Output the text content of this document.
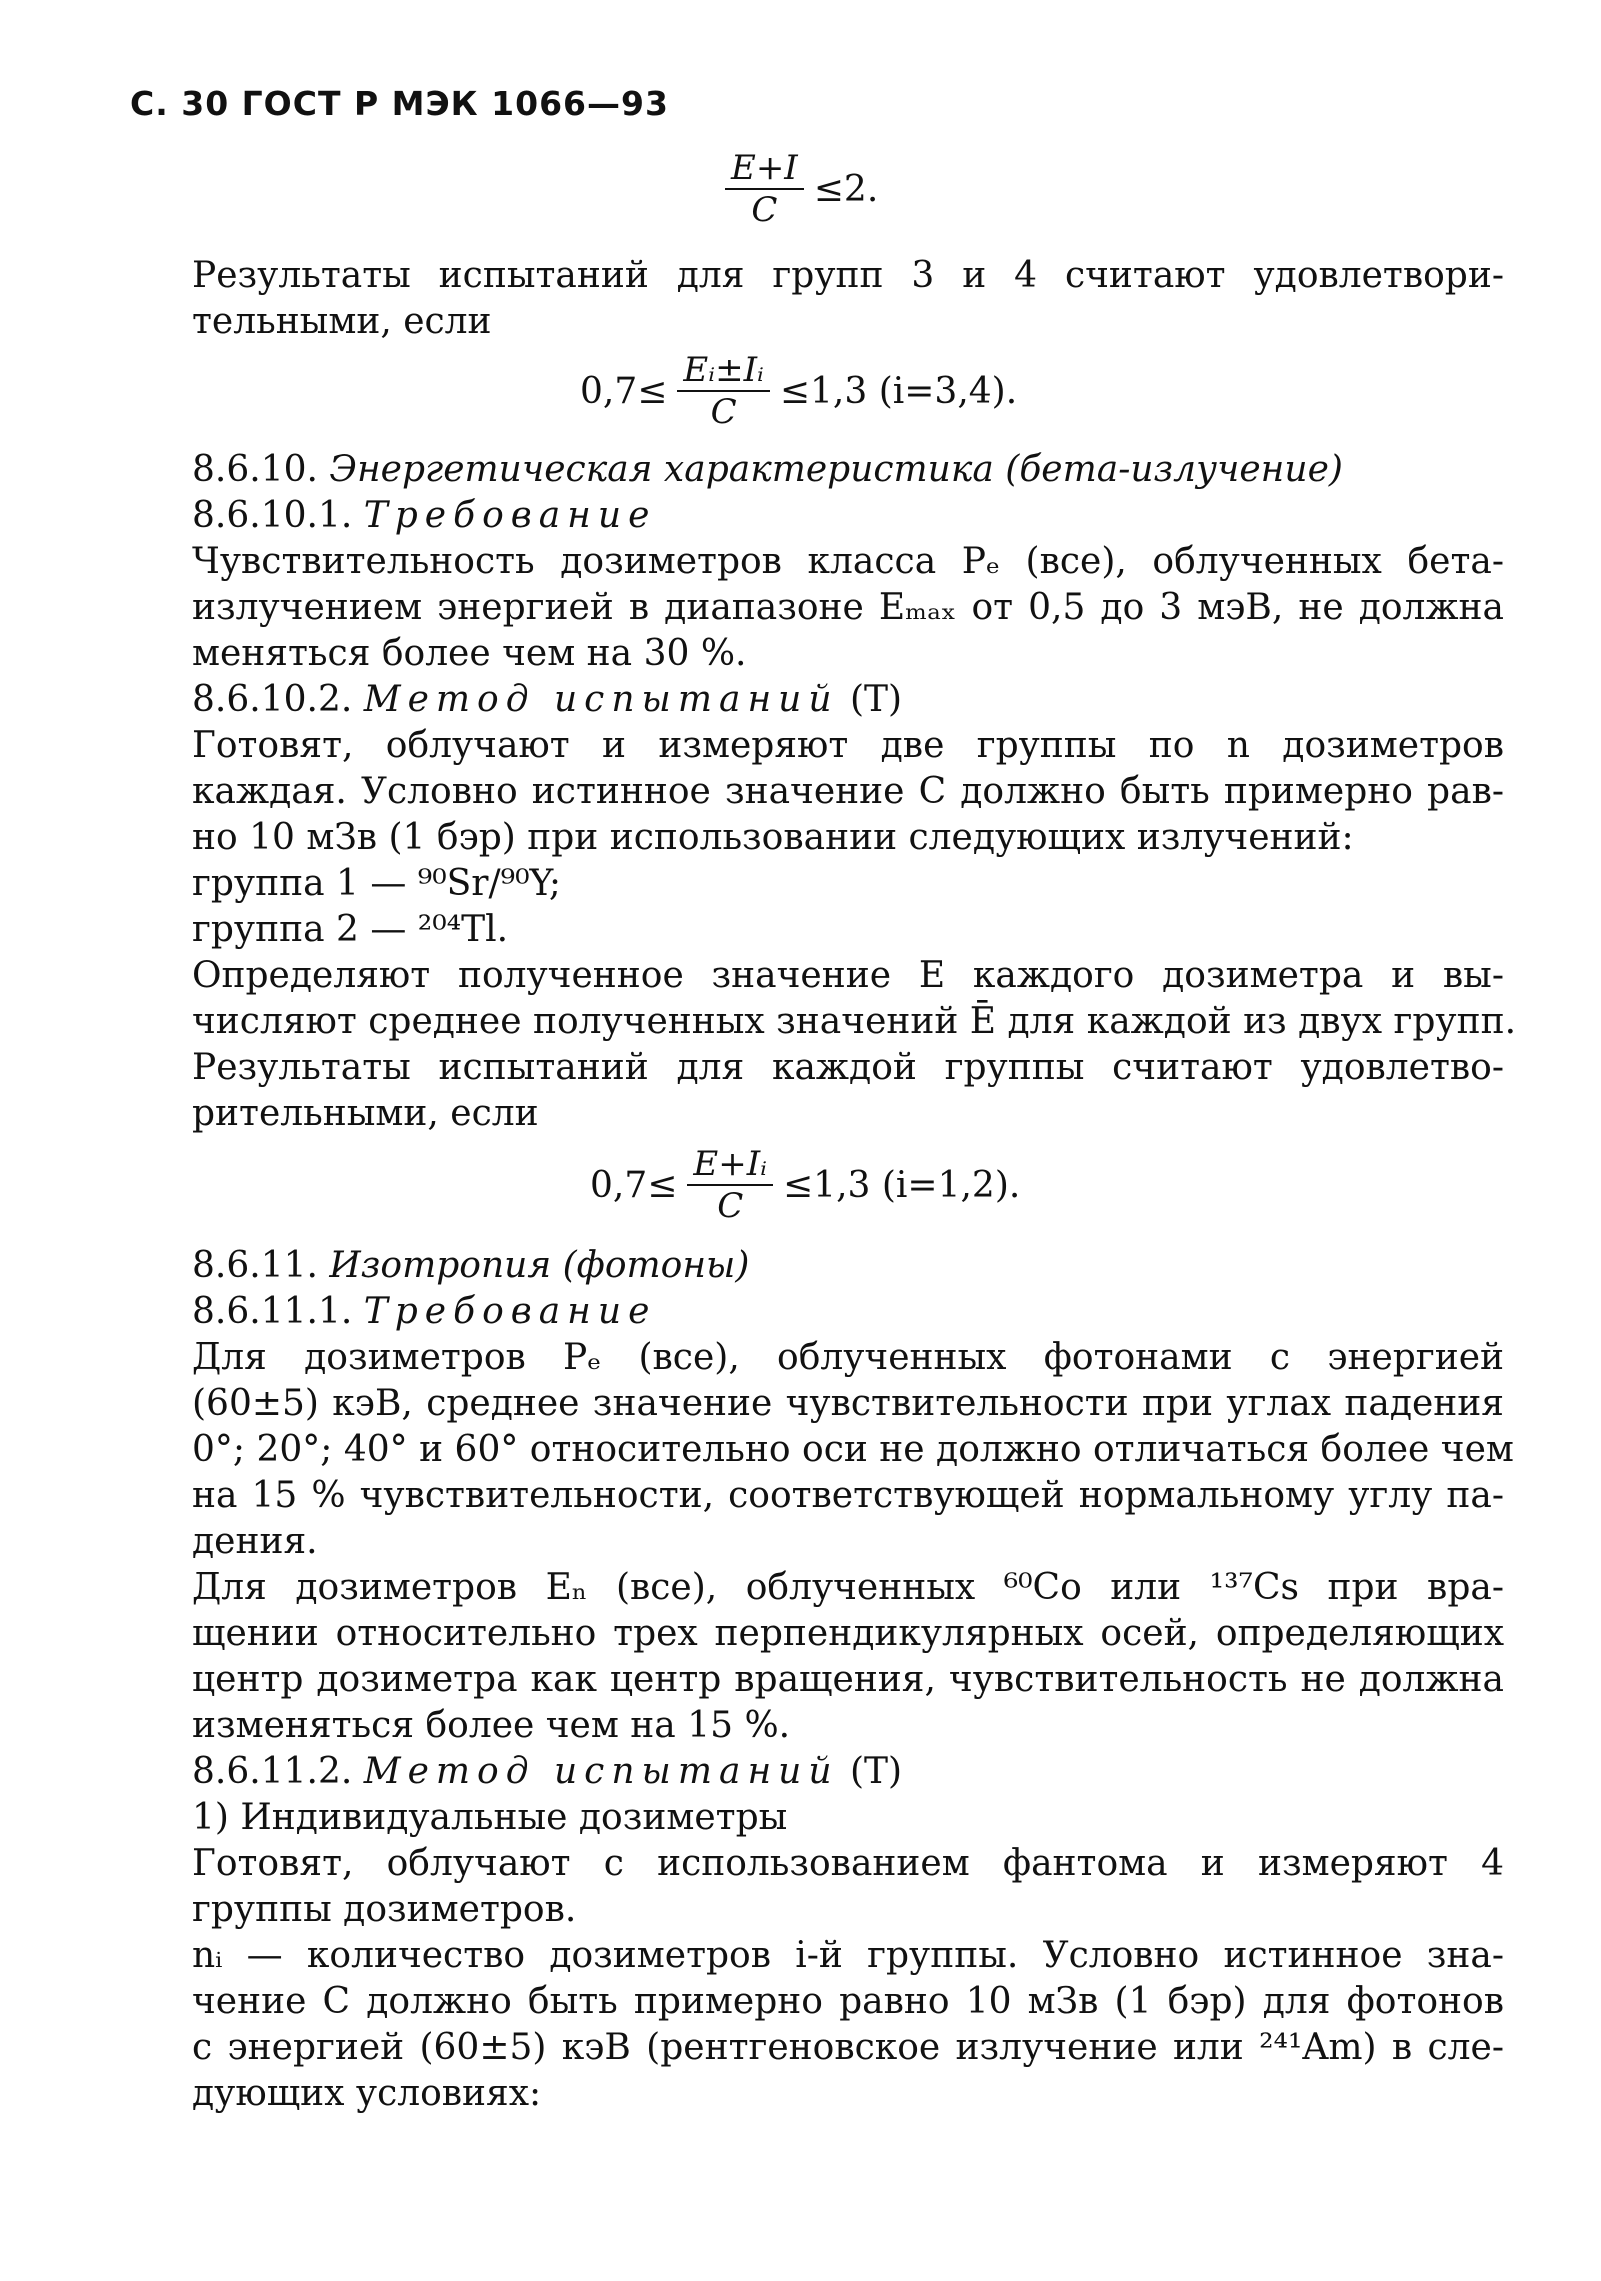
С. 30 ГОСТ Р МЭК 1066—93
$\frac{E+I}{C} \le 2$.
Результаты испытаний для групп 3 и 4 считают удовлетвори-
тельными, если
$0,7\le \frac{\text{Eᵢ±Iᵢ}}{C} \le 1,3$ (i=3,4).
8.6.10. Энергетическая характеристика (бета-излучение)
8.6.10.1. Требование
Чувствительность дозиметров класса Pₑ (все), облученных бета-
излучением энергией в диапазоне Eₘₐₓ от 0,5 до 3 мэВ, не должна
меняться более чем на 30 %.
8.6.10.2. Метод испытаний (Т)
Готовят, облучают и измеряют две группы по n дозиметров
каждая. Условно истинное значение C должно быть примерно рав-
но 10 мЗв (1 бэр) при использовании следующих излучений:
группа 1 — ⁹⁰Sr/⁹⁰Y;
группа 2 — ²⁰⁴Tl.
Определяют полученное значение E каждого дозиметра и вы-
числяют среднее полученных значений Ē для каждой из двух групп.
Результаты испытаний для каждой группы считают удовлетво-
рительными, если
$0,7\le \frac{\text{E+Iᵢ}}{C} \le 1,3$ (i=1,2).
8.6.11. Изотропия (фотоны)
8.6.11.1. Требование
Для дозиметров Pₑ (все), облученных фотонами с энергией
(60±5) кэВ, среднее значение чувствительности при углах падения
0°; 20°; 40° и 60° относительно оси не должно отличаться более чем
на 15 % чувствительности, соответствующей нормальному углу па-
дения.
Для дозиметров Eₙ (все), облученных ⁶⁰Co или ¹³⁷Cs при вра-
щении относительно трех перпендикулярных осей, определяющих
центр дозиметра как центр вращения, чувствительность не должна
изменяться более чем на 15 %.
8.6.11.2. Метод испытаний (Т)
1) Индивидуальные дозиметры
Готовят, облучают с использованием фантома и измеряют 4
группы дозиметров.
nᵢ — количество дозиметров i-й группы. Условно истинное зна-
чение C должно быть примерно равно 10 мЗв (1 бэр) для фотонов
с энергией (60±5) кэВ (рентгеновское излучение или ²⁴¹Am) в сле-
дующих условиях:
